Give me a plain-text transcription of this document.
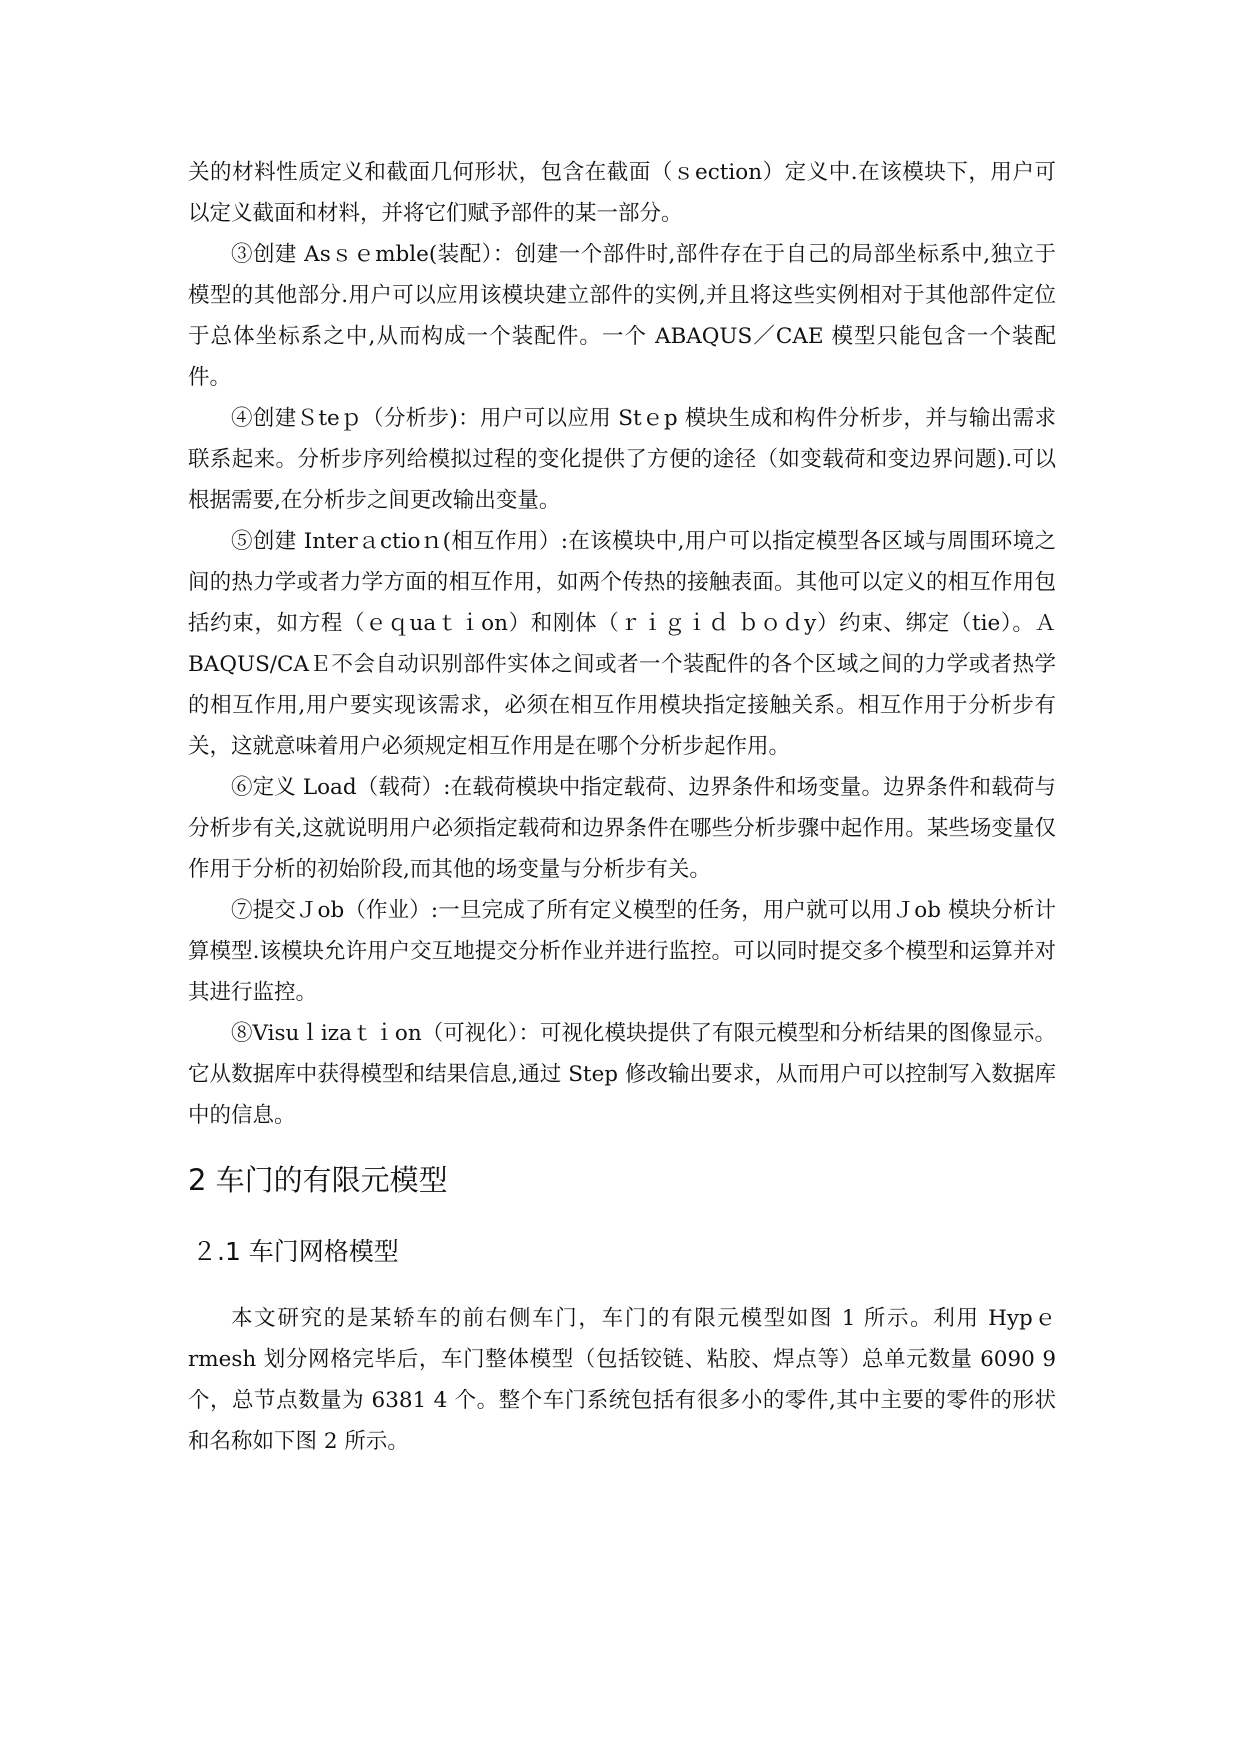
关的材料性质定义和截面几何形状，包含在截面（ｓection）定义中.在该模块下，用户可以定义截面和材料，并将它们赋予部件的某一部分。

③创建 Asｓｅmble(装配）：创建一个部件时,部件存在于自己的局部坐标系中,独立于模型的其他部分.用户可以应用该模块建立部件的实例,并且将这些实例相对于其他部件定位于总体坐标系之中,从而构成一个装配件。一个 ABAQUS／CAE 模型只能包含一个装配件。

④创建Ｓteｐ（分析步)：用户可以应用 Stｅp 模块生成和构件分析步，并与输出需求联系起来。分析步序列给模拟过程的变化提供了方便的途径（如变载荷和变边界问题).可以根据需要,在分析步之间更改输出变量。

⑤创建 Interａctioｎ(相互作用）:在该模块中,用户可以指定模型各区域与周围环境之间的热力学或者力学方面的相互作用，如两个传热的接触表面。其他可以定义的相互作用包括约束，如方程（ｅｑuaｔｉon）和刚体（ｒｉｇｉｄ ｂｏｄy）约束、绑定（tie）。ＡBAQUS/CAＥ不会自动识别部件实体之间或者一个装配件的各个区域之间的力学或者热学的相互作用,用户要实现该需求，必须在相互作用模块指定接触关系。相互作用于分析步有关，这就意味着用户必须规定相互作用是在哪个分析步起作用。

⑥定义 Load（载荷）:在载荷模块中指定载荷、边界条件和场变量。边界条件和载荷与分析步有关,这就说明用户必须指定载荷和边界条件在哪些分析步骤中起作用。某些场变量仅作用于分析的初始阶段,而其他的场变量与分析步有关。

⑦提交Ｊob（作业）:一旦完成了所有定义模型的任务，用户就可以用Ｊob 模块分析计算模型.该模块允许用户交互地提交分析作业并进行监控。可以同时提交多个模型和运算并对其进行监控。

⑧Visuｌizaｔｉon（可视化）：可视化模块提供了有限元模型和分析结果的图像显示。它从数据库中获得模型和结果信息,通过 Step 修改输出要求，从而用户可以控制写入数据库中的信息。

2 车门的有限元模型
２.1 车门网格模型

本文研究的是某轿车的前右侧车门，车门的有限元模型如图 1 所示。利用 Hypｅrmesh 划分网格完毕后，车门整体模型（包括铰链、粘胶、焊点等）总单元数量 6090 9 个，总节点数量为 6381 4 个。整个车门系统包括有很多小的零件,其中主要的零件的形状和名称如下图 2 所示。
